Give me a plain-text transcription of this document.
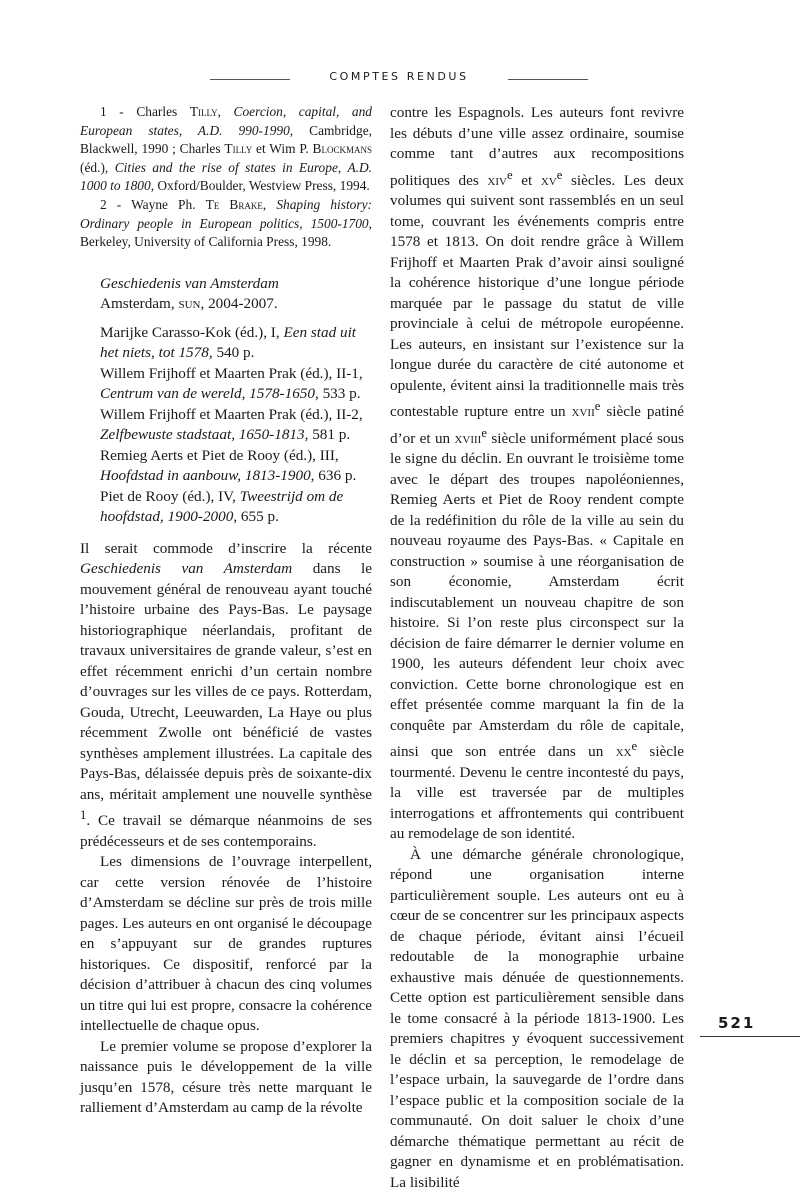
COMPTES RENDUS

1 - Charles Tilly, Coercion, capital, and European states, A.D. 990-1990, Cambridge, Blackwell, 1990 ; Charles Tilly et Wim P. Blockmans (éd.), Cities and the rise of states in Europe, A.D. 1000 to 1800, Oxford/Boulder, Westview Press, 1994.

2 - Wayne Ph. Te Brake, Shaping history: Ordinary people in European politics, 1500-1700, Berkeley, University of California Press, 1998.

Geschiedenis van Amsterdam

Amsterdam, sun, 2004-2007.

Marijke Carasso-Kok (éd.), I, Een stad uit het niets, tot 1578, 540 p.

Willem Frijhoff et Maarten Prak (éd.), II-1, Centrum van de wereld, 1578-1650, 533 p.

Willem Frijhoff et Maarten Prak (éd.), II-2, Zelfbewuste stadstaat, 1650-1813, 581 p.

Remieg Aerts et Piet de Rooy (éd.), III, Hoofdstad in aanbouw, 1813-1900, 636 p.

Piet de Rooy (éd.), IV, Tweestrijd om de hoofdstad, 1900-2000, 655 p.

Il serait commode d’inscrire la récente Geschiedenis van Amsterdam dans le mouvement général de renouveau ayant touché l’histoire urbaine des Pays-Bas. Le paysage historiographique néerlandais, profitant de travaux universitaires de grande valeur, s’est en effet récemment enrichi d’un certain nombre d’ouvrages sur les villes de ce pays. Rotterdam, Gouda, Utrecht, Leeuwarden, La Haye ou plus récemment Zwolle ont bénéficié de vastes synthèses amplement illustrées. La capitale des Pays-Bas, délaissée depuis près de soixante-dix ans, méritait amplement une nouvelle synthèse $^1$. Ce travail se démarque néanmoins de ses prédécesseurs et de ses contemporains.

Les dimensions de l’ouvrage interpellent, car cette version rénovée de l’histoire d’Amsterdam se décline sur près de trois mille pages. Les auteurs en ont organisé le découpage en s’appuyant sur de grandes ruptures historiques. Ce dispositif, renforcé par la décision d’attribuer à chacun des cinq volumes un titre qui lui est propre, consacre la cohérence intellectuelle de chaque opus.

Le premier volume se propose d’explorer la naissance puis le développement de la ville jusqu’en 1578, césure très nette marquant le ralliement d’Amsterdam au camp de la révolte

contre les Espagnols. Les auteurs font revivre les débuts d’une ville assez ordinaire, soumise comme tant d’autres aux recompositions politiques des xiv$^e$ et $xv^e$ siècles. Les deux volumes qui suivent sont rassemblés en un seul tome, couvrant les événements compris entre 1578 et 1813. On doit rendre grâce à Willem Frijhoff et Maarten Prak d’avoir ainsi souligné la cohérence historique d’une longue période marquée par le passage du statut de ville provinciale à celui de métropole européenne. Les auteurs, en insistant sur l’existence sur la longue durée du caractère de cité autonome et opulente, évitent ainsi la traditionnelle mais très contestable rupture entre un xvii$^e$ siècle patiné d’or et un xviii$^e$ siècle uniformément placé sous le signe du déclin. En ouvrant le troisième tome avec le départ des troupes napoléoniennes, Remieg Aerts et Piet de Rooy rendent compte de la redéfinition du rôle de la ville au sein du nouveau royaume des Pays-Bas. « Capitale en construction » soumise à une réorganisation de son économie, Amsterdam écrit indiscutablement un nouveau chapitre de son histoire. Si l’on reste plus circonspect sur la décision de faire démarrer le dernier volume en 1900, les auteurs défendent leur choix avec conviction. Cette borne chronologique est en effet présentée comme marquant la fin de la conquête par Amsterdam du rôle de capitale, ainsi que son entrée dans un $xx^e$ siècle tourmenté. Devenu le centre incontesté du pays, la ville est traversée par de multiples interrogations et affrontements qui contribuent au remodelage de son identité.

À une démarche générale chronologique, répond une organisation interne particulièrement souple. Les auteurs ont eu à cœur de se concentrer sur les principaux aspects de chaque période, évitant ainsi l’écueil redoutable de la monographie urbaine exhaustive mais dénuée de questionnements. Cette option est particulièrement sensible dans le tome consacré à la période 1813-1900. Les premiers chapitres y évoquent successivement le déclin et sa perception, le remodelage de l’espace urbain, la sauvegarde de l’ordre dans l’espace public et la composition sociale de la communauté. On doit saluer le choix d’une démarche thématique permettant au récit de gagner en dynamisme et en problématisation. La lisibilité

521
